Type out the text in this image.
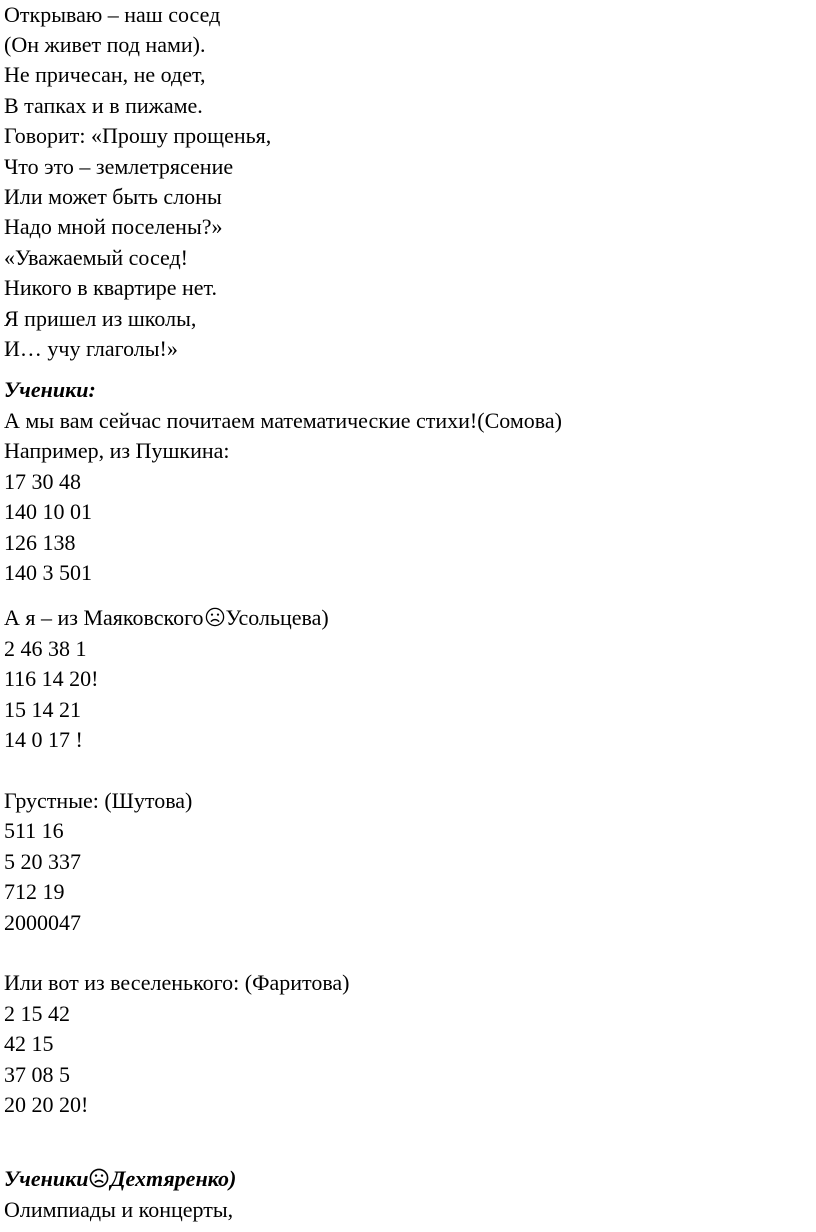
Открываю – наш сосед
(Он живет под нами).
Не причесан, не одет,
В тапках и в пижаме.
Говорит: «Прошу прощенья,
Что это – землетрясение
Или может быть слоны
Надо мной поселены?»
«Уважаемый сосед!
Никого в квартире нет.
Я пришел из школы,
И… учу глаголы!»
Ученики:
А мы вам сейчас почитаем математические стихи!(Сомова)
Например, из Пушкина:
17 30 48
140 10 01
126 138
140 3 501
А я – из Маяковского Усольцева)
2 46 38 1
116 14 20!
15 14 21
14 0 17 !
Грустные: (Шутова)
511 16
5 20 337
712 19
2000047
Или вот из веселенького: (Фаритова)
2 15 42
42 15
37 08 5
20 20 20!
Ученики Дехтяренко)
Олимпиады и концерты,
